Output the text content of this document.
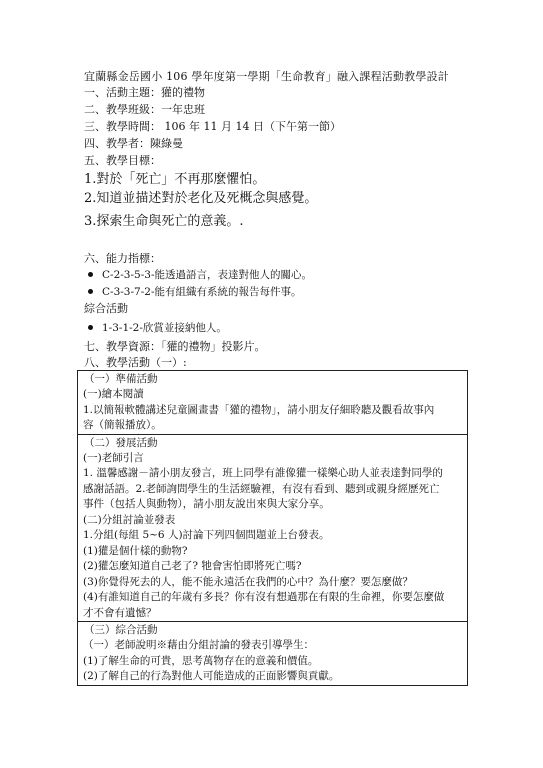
宜蘭縣金岳國小 106 學年度第一學期「生命教育」融入課程活動教學設計
一、活動主題：獾的禮物
二、教學班級：一年忠班
三、教學時間： 106 年 11 月 14 日（下午第一節）
四、教學者：陳綠曼
五、教學目標：
1.對於「死亡」不再那麼懼怕。
2.知道並描述對於老化及死概念與感覺。
3.探索生命與死亡的意義。.
六、能力指標：
C-2-3-5-3-能透過語言，表達對他人的關心。
C-3-3-7-2-能有組織有系統的報告每件事。
綜合活動
1-3-1-2-欣賞並接納他人。
七、教學資源：「獾的禮物」投影片。
八、教學活動（一）:
（一）準備活動
(一)繪本閱讀
1.以簡報軟體講述兒童圖畫書「獾的禮物」，請小朋友仔細聆聽及觀看故事內
容（簡報播放）。
（二）發展活動
(一)老師引言
1. 溫馨感謝－請小朋友發言，班上同學有誰像獾一樣樂心助人並表達對同學的
感謝話語。2.老師詢問學生的生活經驗裡，有沒有看到、聽到或親身經歷死亡
事件（包括人與動物），請小朋友說出來與大家分享。
(二)分組討論並發表
1.分組(每組 5~6 人)討論下列四個問題並上台發表。
(1)獾是個什樣的動物?
(2)獾怎麼知道自己老了? 牠會害怕即將死亡嗎?
(3)你覺得死去的人，能不能永遠活在我們的心中？為什麼？要怎麼做？
(4)有誰知道自己的年歲有多長？你有沒有想過那在有限的生命裡，你要怎麼做
才不會有遺憾？
（三）綜合活動
（一）老師說明※藉由分組討論的發表引導學生：
(1)了解生命的可貴，思考萬物存在的意義和價值。
(2)了解自己的行為對他人可能造成的正面影響與貢獻。
